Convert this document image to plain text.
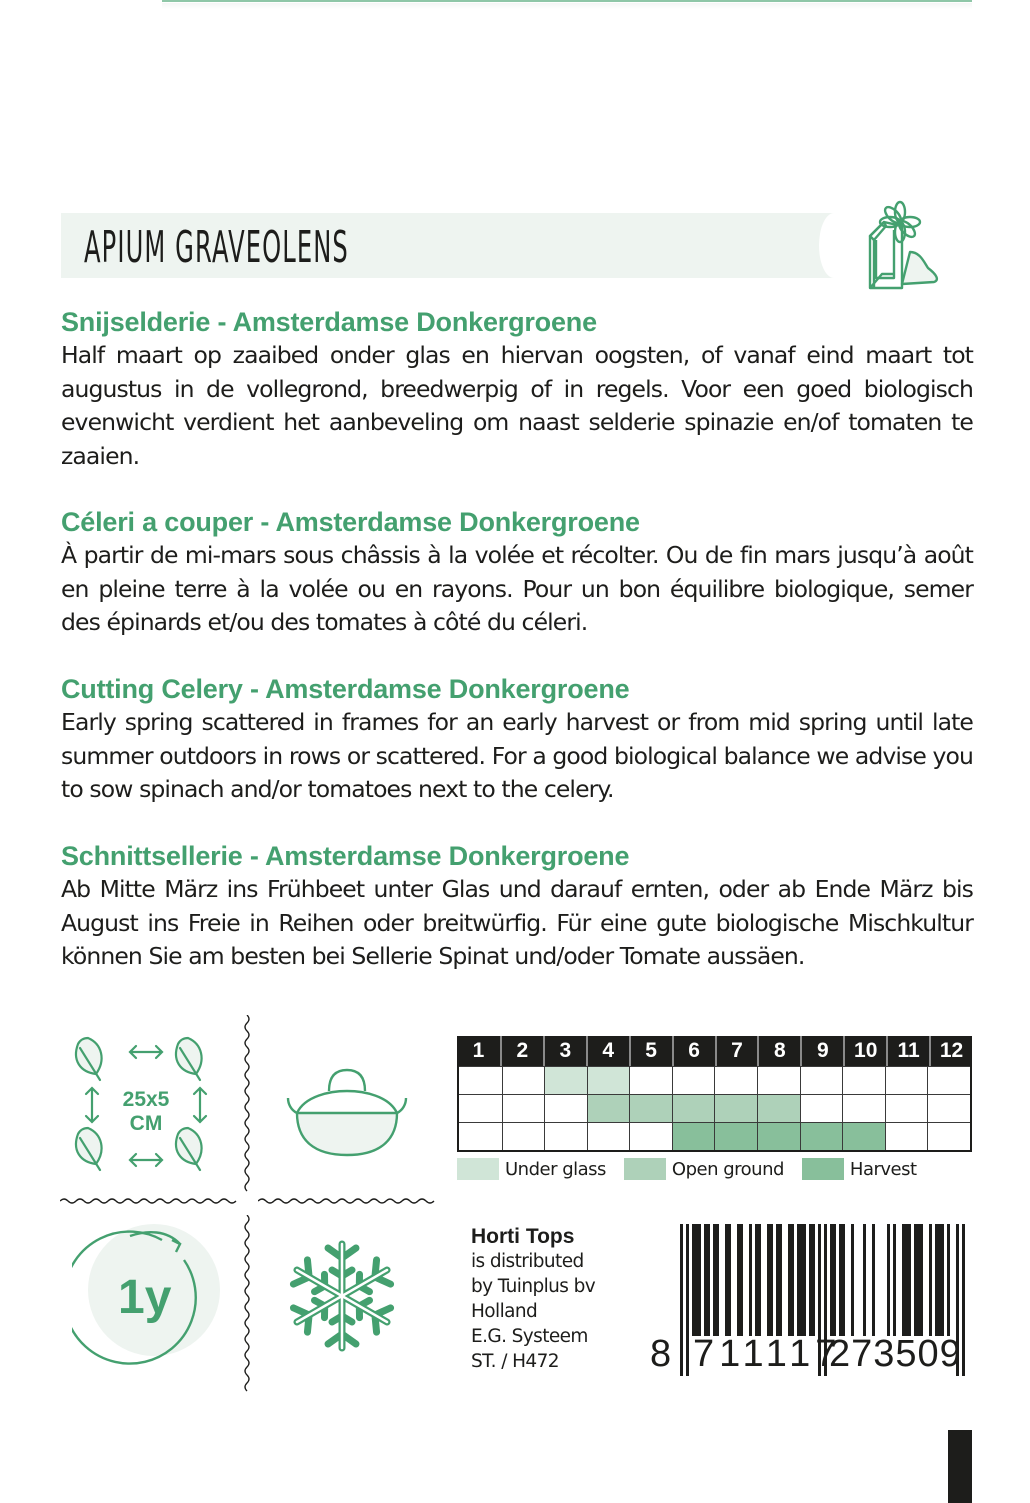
APIUM GRAVEOLENS
Snijselderie - Amsterdamse Donkergroene

Half maart op zaaibed onder glas en hiervan oogsten, of vanaf eind maart tot augustus in de vollegrond, breedwerpig of in regels. Voor een goed biologisch evenwicht verdient het aanbeveling om naast selderie spinazie en/of tomaten te zaaien.

Céleri a couper - Amsterdamse Donkergroene

À partir de mi-mars sous châssis à la volée et récolter. Ou de fin mars jusqu’à août en pleine terre à la volée ou en rayons. Pour un bon équilibre biologique, semer des épinards et/ou des tomates à côté du céleri.

Cutting Celery - Amsterdamse Donkergroene

Early spring scattered in frames for an early harvest or from mid spring until late summer outdoors in rows or scattered. For a good biological balance we advise you to sow spinach and/or tomatoes next to the celery.

Schnittsellerie - Amsterdamse Donkergroene

Ab Mitte März ins Frühbeet unter Glas und darauf ernten, oder ab Ende März bis August ins Freie in Reihen oder breitwürfig. Für eine gute biologische Mischkultur können Sie am besten bei Sellerie Spinat und/oder Tomate aussäen.

25x5
CM
1y
1	2	3	4	5	6	7	8	9	10 11 12
Under glass	Open ground	Harvest
Horti Tops
is distributed
by Tuinplus bv
Holland
E.G. Systeem
ST. / H472	8 711117
273509
